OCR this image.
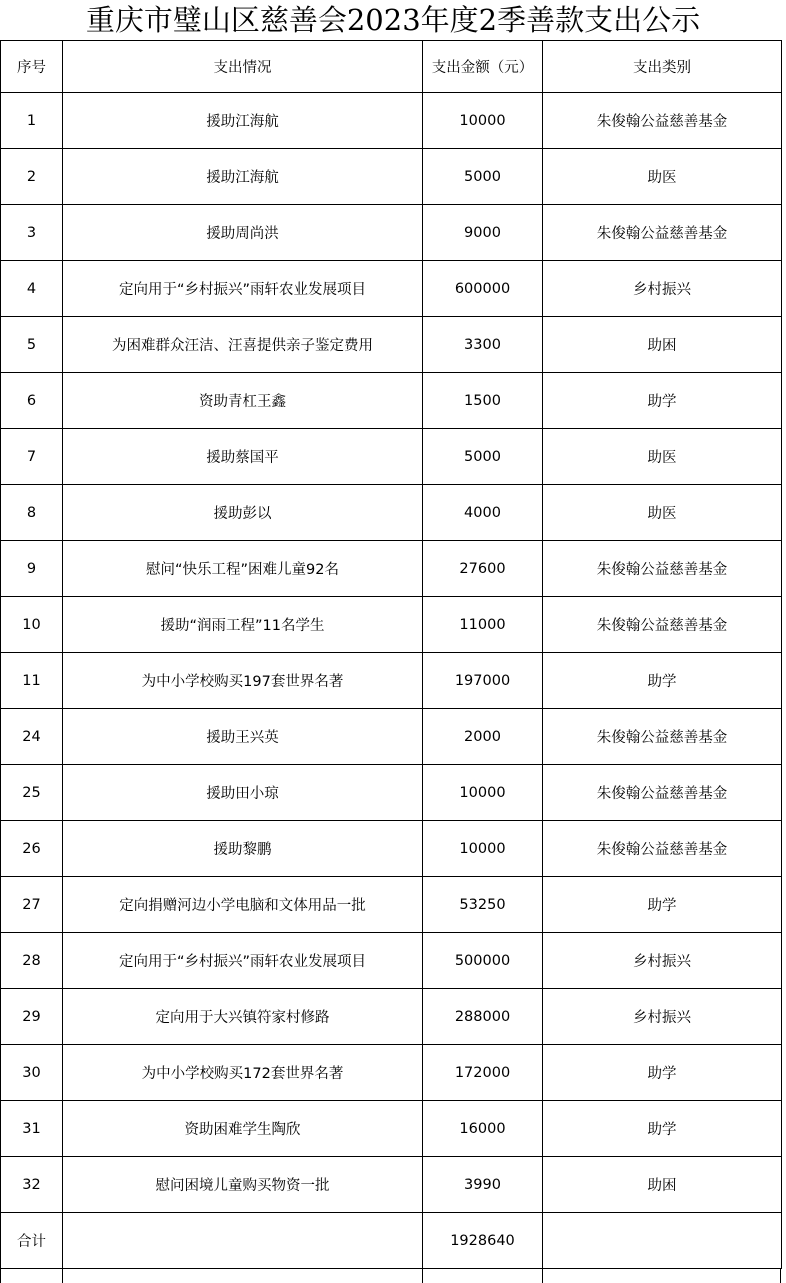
重庆市璧山区慈善会2023年度2季善款支出公示
序号	支出情况	支出金额（元）	支出类别
1	援助江海航	10000	朱俊翰公益慈善基金
2	援助江海航	5000	助医
3	援助周尚洪	9000	朱俊翰公益慈善基金
4	定向用于“乡村振兴”雨轩农业发展项目	600000	乡村振兴
5	为困难群众汪洁、汪喜提供亲子鉴定费用	3300	助困
6	资助青杠王鑫	1500	助学
7	援助蔡国平	5000	助医
8	援助彭以	4000	助医
9	慰问“快乐工程”困难儿童92名	27600	朱俊翰公益慈善基金
10	援助“润雨工程”11名学生	11000	朱俊翰公益慈善基金
11	为中小学校购买197套世界名著	197000	助学
24	援助王兴英	2000	朱俊翰公益慈善基金
25	援助田小琼	10000	朱俊翰公益慈善基金
26	援助黎鹏	10000	朱俊翰公益慈善基金
27	定向捐赠河边小学电脑和文体用品一批	53250	助学
28	定向用于“乡村振兴”雨轩农业发展项目	500000	乡村振兴
29	定向用于大兴镇符家村修路	288000	乡村振兴
30	为中小学校购买172套世界名著	172000	助学
31	资助困难学生陶欣	16000	助学
32	慰问困境儿童购买物资一批	3990	助困
合计		1928640	
